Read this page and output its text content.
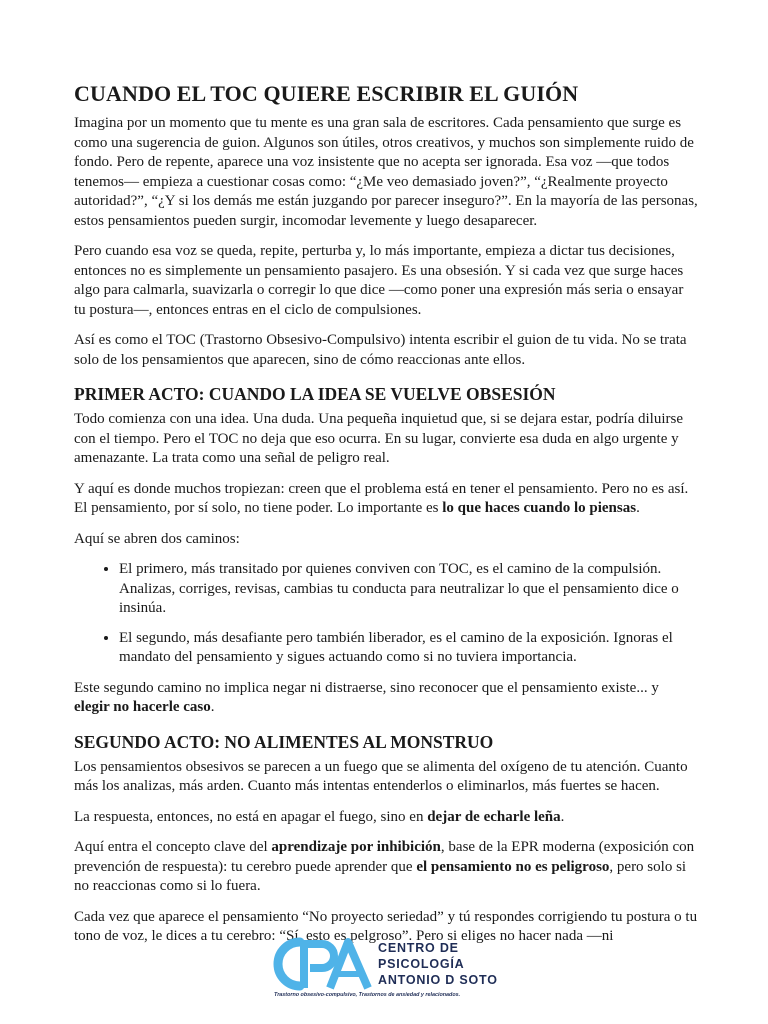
CUANDO EL TOC QUIERE ESCRIBIR EL GUIÓN

Imagina por un momento que tu mente es una gran sala de escritores. Cada pensamiento que surge es como una sugerencia de guion. Algunos son útiles, otros creativos, y muchos son simplemente ruido de fondo. Pero de repente, aparece una voz insistente que no acepta ser ignorada. Esa voz —que todos tenemos— empieza a cuestionar cosas como: “¿Me veo demasiado joven?”, “¿Realmente proyecto autoridad?”, “¿Y si los demás me están juzgando por parecer inseguro?”. En la mayoría de las personas, estos pensamientos pueden surgir, incomodar levemente y luego desaparecer.

Pero cuando esa voz se queda, repite, perturba y, lo más importante, empieza a dictar tus decisiones, entonces no es simplemente un pensamiento pasajero. Es una obsesión. Y si cada vez que surge haces algo para calmarla, suavizarla o corregir lo que dice —como poner una expresión más seria o ensayar tu postura—, entonces entras en el ciclo de compulsiones.

Así es como el TOC (Trastorno Obsesivo-Compulsivo) intenta escribir el guion de tu vida. No se trata solo de los pensamientos que aparecen, sino de cómo reaccionas ante ellos.

PRIMER ACTO: CUANDO LA IDEA SE VUELVE OBSESIÓN

Todo comienza con una idea. Una duda. Una pequeña inquietud que, si se dejara estar, podría diluirse con el tiempo. Pero el TOC no deja que eso ocurra. En su lugar, convierte esa duda en algo urgente y amenazante. La trata como una señal de peligro real.

Y aquí es donde muchos tropiezan: creen que el problema está en tener el pensamiento. Pero no es así. El pensamiento, por sí solo, no tiene poder. Lo importante es lo que haces cuando lo piensas.

Aquí se abren dos caminos:

• El primero, más transitado por quienes conviven con TOC, es el camino de la compulsión. Analizas, corriges, revisas, cambias tu conducta para neutralizar lo que el pensamiento dice o insinúa.
• El segundo, más desafiante pero también liberador, es el camino de la exposición. Ignoras el mandato del pensamiento y sigues actuando como si no tuviera importancia.

Este segundo camino no implica negar ni distraerse, sino reconocer que el pensamiento existe... y elegir no hacerle caso.

SEGUNDO ACTO: NO ALIMENTES AL MONSTRUO

Los pensamientos obsesivos se parecen a un fuego que se alimenta del oxígeno de tu atención. Cuanto más los analizas, más arden. Cuanto más intentas entenderlos o eliminarlos, más fuertes se hacen.

La respuesta, entonces, no está en apagar el fuego, sino en dejar de echarle leña.

Aquí entra el concepto clave del aprendizaje por inhibición, base de la EPR moderna (exposición con prevención de respuesta): tu cerebro puede aprender que el pensamiento no es peligroso, pero solo si no reaccionas como si lo fuera.

Cada vez que aparece el pensamiento “No proyecto seriedad” y tú respondes corrigiendo tu postura o tu tono de voz, le dices a tu cerebro: “Sí, esto es pelgroso”. Pero si eliges no hacer nada —ni

CENTRO DE
PSICOLOGÍA
ANTONIO D SOTO
Trastorno obsesivo-compulsivo, Trastornos de ansiedad y relacionados.
